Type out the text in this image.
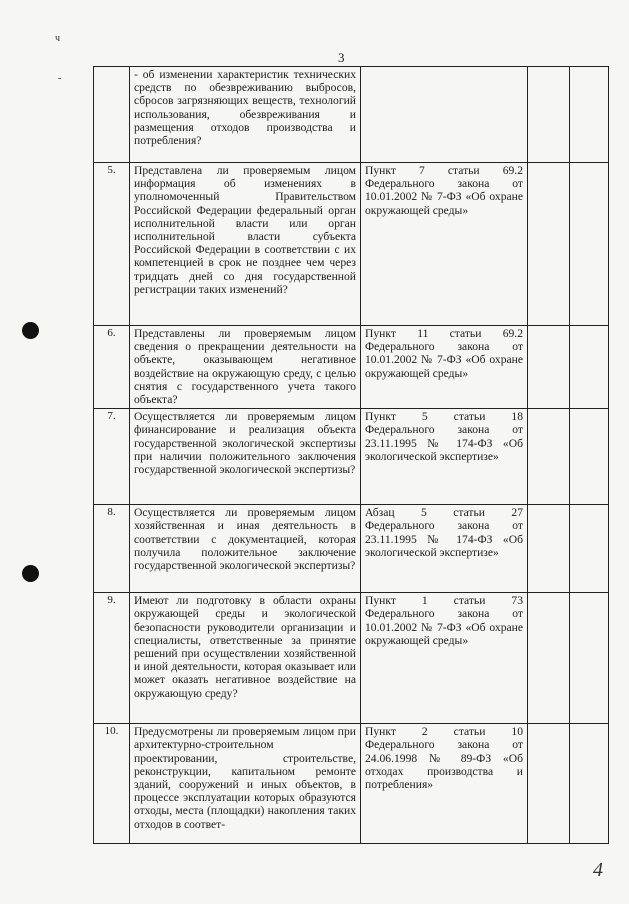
ч
-
3
	- об изменении характеристик технических средств по обезвреживанию выбросов, сбросов загрязняющих веществ, технологий использования, обезвреживания и размещения отходов производства и потребления?			
5.	Представлена ли проверяемым лицом информация об изменениях в уполномоченный Правительством Российской Федерации федеральный орган исполнительной власти или орган исполнительной власти субъекта Российской Федерации в соответствии с их компетенцией в срок не позднее чем через тридцать дней со дня государственной регистрации таких изменений?	Пункт 7 статьи 69.2 Федерального закона от 10.01.2002 № 7-ФЗ «Об охране окружающей среды»		
6.	Представлены ли проверяемым лицом сведения о прекращении деятельности на объекте, оказывающем негативное воздействие на окружающую среду, с целью снятия с государственного учета такого объекта?	Пункт 11 статьи 69.2 Федерального закона от 10.01.2002 № 7-ФЗ «Об охране окружающей среды»		
7.	Осуществляется ли проверяемым лицом финансирование и реализация объекта государственной экологической экспертизы при наличии положительного заключения государственной экологической экспертизы?	Пункт 5 статьи 18 Федерального закона от 23.11.1995 № 174-ФЗ «Об экологической экспертизе»		
8.	Осуществляется ли проверяемым лицом хозяйственная и иная деятельность в соответствии с документацией, которая получила положительное заключение государственной экологической экспертизы?	Абзац 5 статьи 27 Федерального закона от 23.11.1995 № 174-ФЗ «Об экологической экспертизе»		
9.	Имеют ли подготовку в области охраны окружающей среды и экологической безопасности руководители организации и специалисты, ответственные за принятие решений при осуществлении хозяйственной и иной деятельности, которая оказывает или может оказать негативное воздействие на окружающую среду?	Пункт 1 статьи 73 Федерального закона от 10.01.2002 № 7-ФЗ «Об охране окружающей среды»		
10.	Предусмотрены ли проверяемым лицом при архитектурно-строительном проектировании, строительстве, реконструкции, капитальном ремонте зданий, сооружений и иных объектов, в процессе эксплуатации которых образуются отходы, места (площадки) накопления таких отходов в соответ-	Пункт 2 статьи 10 Федерального закона от 24.06.1998 № 89-ФЗ «Об отходах производства и потребления»		
4
